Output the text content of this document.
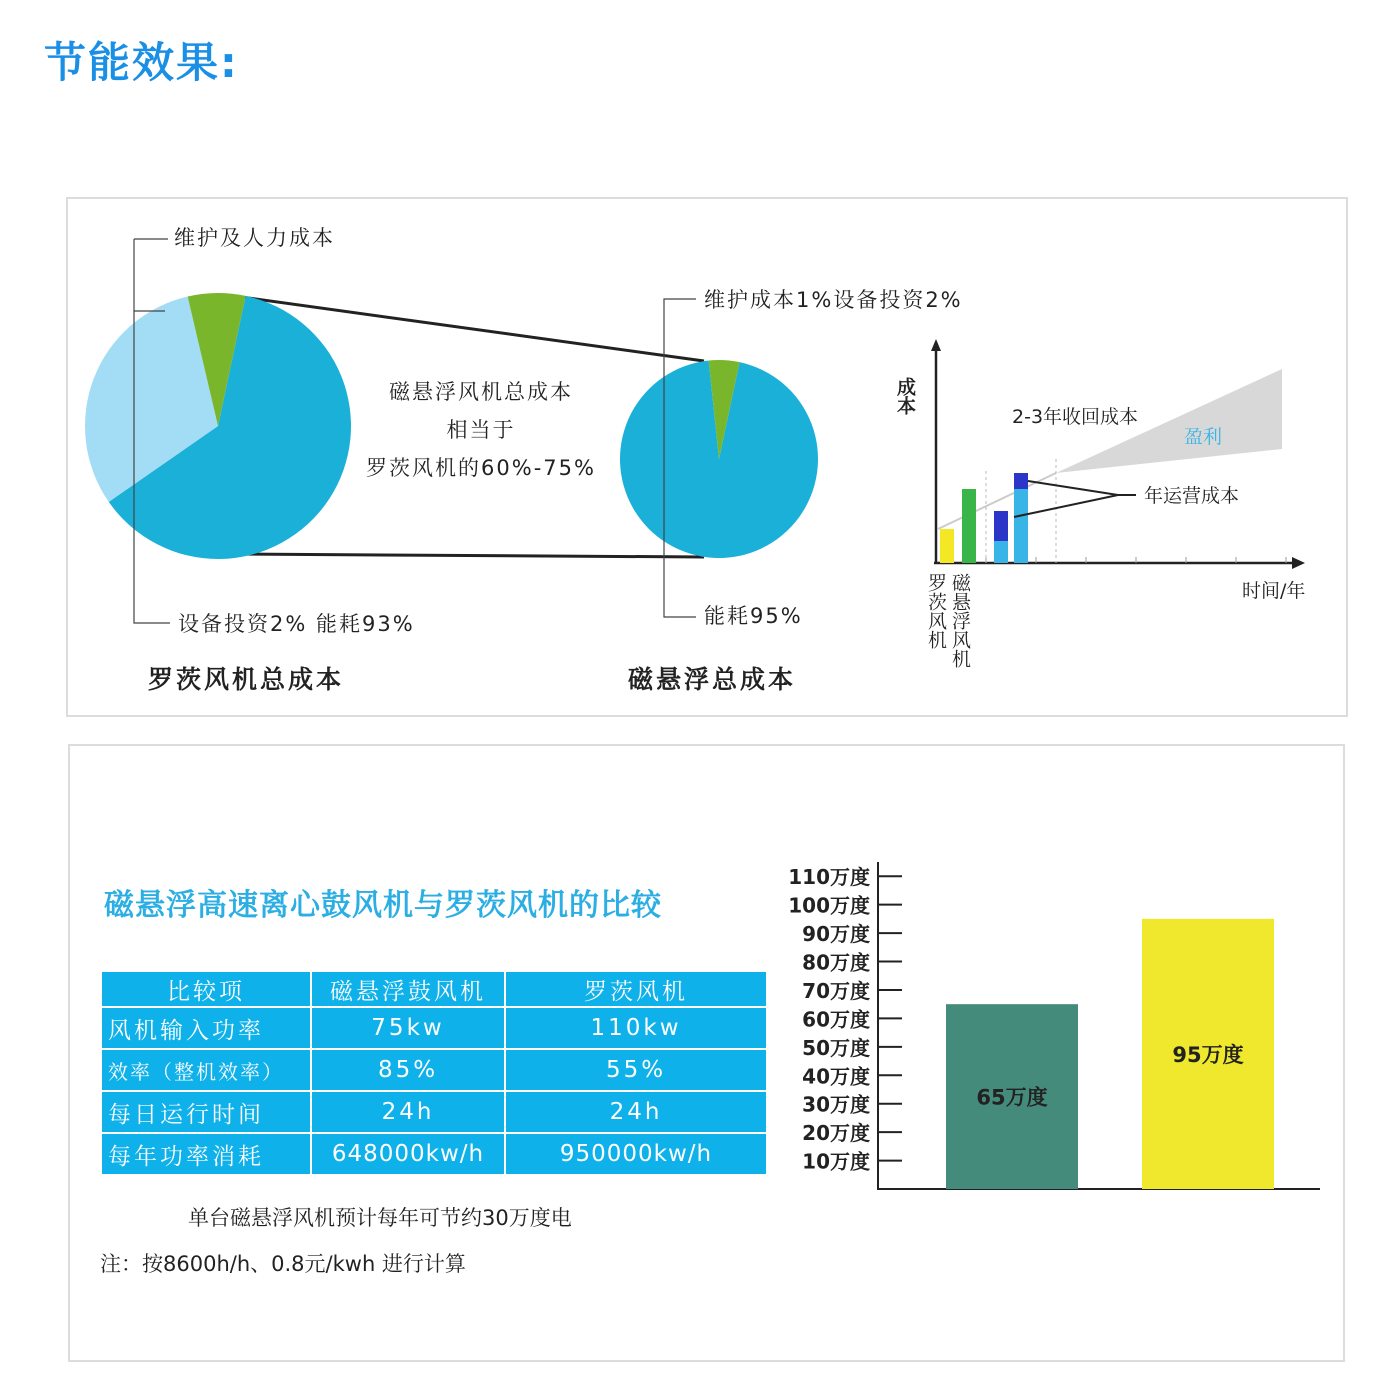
节能效果:
维护及人力成本
设备投资2% 能耗93%
罗茨风机总成本
磁悬浮风机总成本
相当于
罗茨风机的60%-75%
维护成本1%设备投资2%
能耗95%
磁悬浮总成本
成本
时间/年
2-3年收回成本
盈利
年运营成本
罗茨风机 磁悬浮风机
磁悬浮高速离心鼓风机与罗茨风机的比较
比较项	磁悬浮鼓风机	罗茨风机
风机输入功率	75kw	110kw
效率（整机效率）	85%	55%
每日运行时间	24h	24h
每年功率消耗	648000kw/h	950000kw/h

单台磁悬浮风机预计每年可节约30万度电

注：按8600h/h、0.8元/kwh 进行计算

10万度
20万度
30万度
40万度
50万度
60万度
70万度
80万度
90万度
100万度
110万度
65万度
95万度
